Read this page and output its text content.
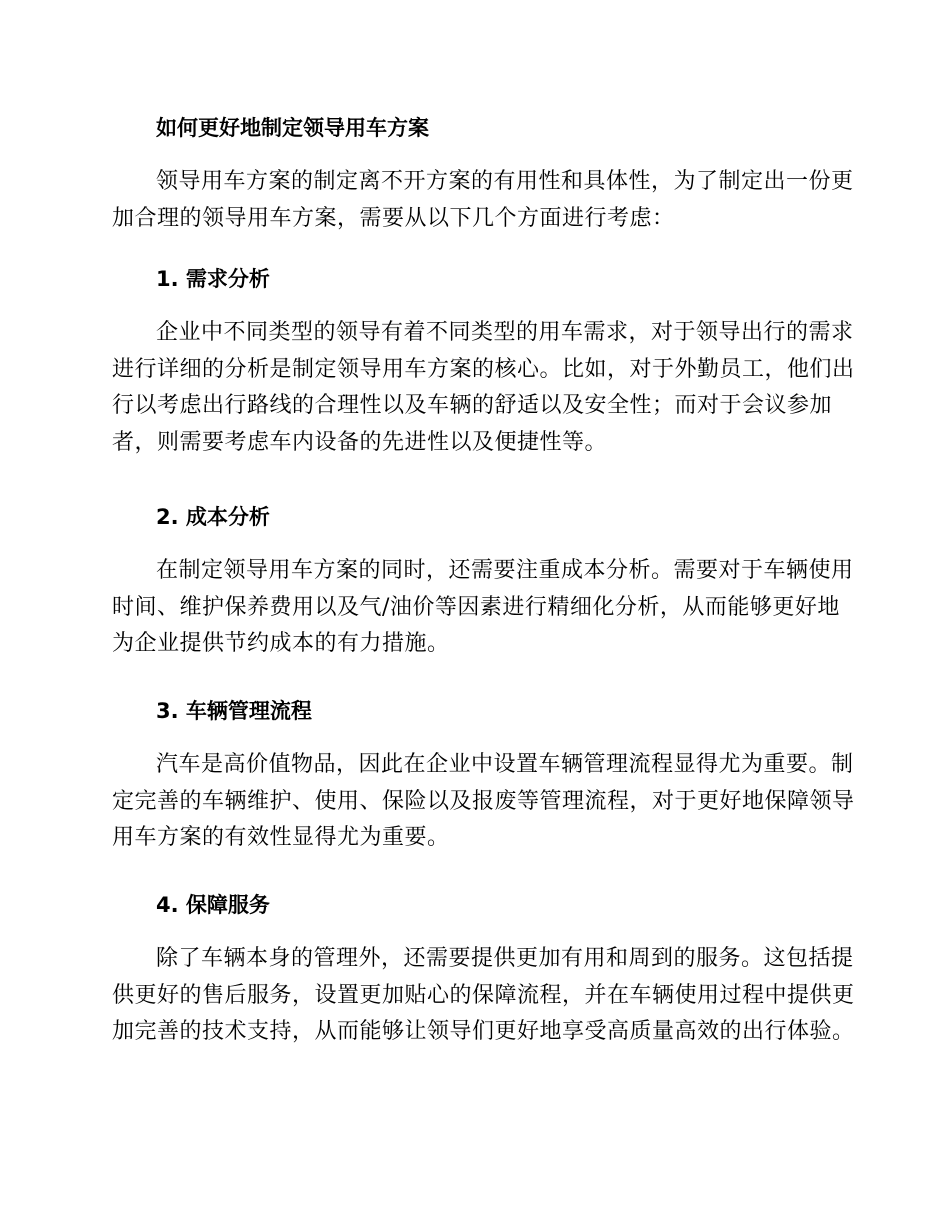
如何更好地制定领导用车方案

领导用车方案的制定离不开方案的有用性和具体性，为了制定出一份更
加合理的领导用车方案，需要从以下几个方面进行考虑：

1. 需求分析

企业中不同类型的领导有着不同类型的用车需求，对于领导出行的需求
进行详细的分析是制定领导用车方案的核心。比如，对于外勤员工，他们出
行以考虑出行路线的合理性以及车辆的舒适以及安全性；而对于会议参加
者，则需要考虑车内设备的先进性以及便捷性等。

2. 成本分析

在制定领导用车方案的同时，还需要注重成本分析。需要对于车辆使用
时间、维护保养费用以及气/油价等因素进行精细化分析，从而能够更好地
为企业提供节约成本的有力措施。

3. 车辆管理流程

汽车是高价值物品，因此在企业中设置车辆管理流程显得尤为重要。制
定完善的车辆维护、使用、保险以及报废等管理流程，对于更好地保障领导
用车方案的有效性显得尤为重要。

4. 保障服务

除了车辆本身的管理外，还需要提供更加有用和周到的服务。这包括提
供更好的售后服务，设置更加贴心的保障流程，并在车辆使用过程中提供更
加完善的技术支持，从而能够让领导们更好地享受高质量高效的出行体验。
